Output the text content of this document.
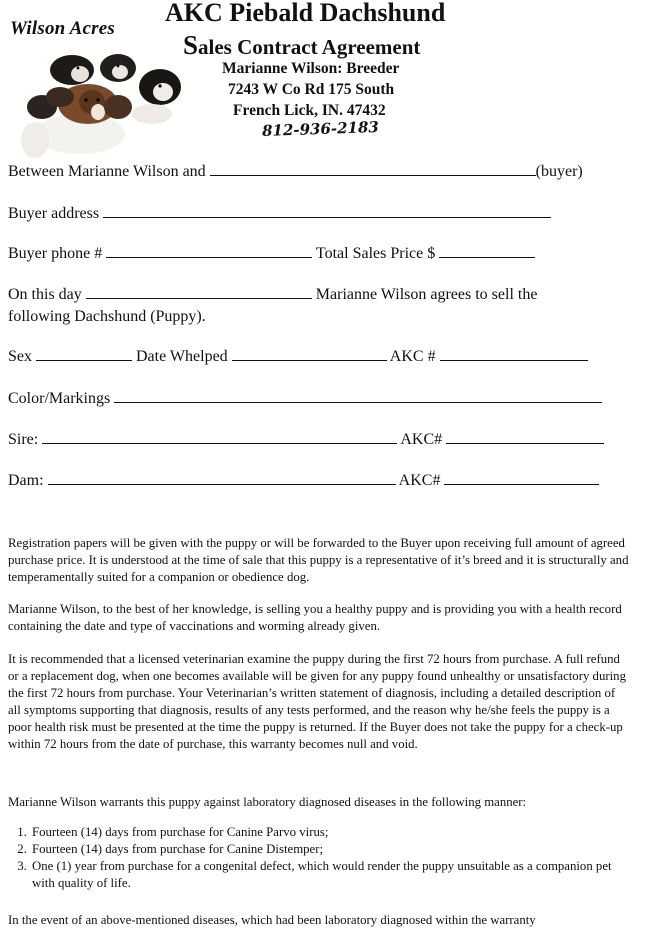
Wilson Acres
AKC Piebald Dachshund
Sales Contract Agreement
Marianne Wilson: Breeder
7243 W Co Rd 175 South
French Lick, IN. 47432
812-936-2183
Between Marianne Wilson and	(buyer)
Buyer address
Buyer phone #	Total Sales Price $
On this day	Marianne Wilson agrees to sell the
following Dachshund (Puppy).
Sex	Date Whelped	AKC #
Color/Markings
Sire:	AKC#
Dam:	AKC#

Registration papers will be given with the puppy or will be forwarded to the Buyer upon receiving full amount of agreed purchase price. It is understood at the time of sale that this puppy is a representative of it’s breed and it is structurally and temperamentally suited for a companion or obedience dog.

Marianne Wilson, to the best of her knowledge, is selling you a healthy puppy and is providing you with a health record containing the date and type of vaccinations and worming already given.

It is recommended that a licensed veterinarian examine the puppy during the first 72 hours from purchase. A full refund or a replacement dog, when one becomes available will be given for any puppy found unhealthy or unsatisfactory during the first 72 hours from purchase. Your Veterinarian’s written statement of diagnosis, including a detailed description of all symptoms supporting that diagnosis, results of any tests performed, and the reason why he/she feels the puppy is a poor health risk must be presented at the time the puppy is returned. If the Buyer does not take the puppy for a check-up within 72 hours from the date of purchase, this warranty becomes null and void.

Marianne Wilson warrants this puppy against laboratory diagnosed diseases in the following manner:

1. Fourteen (14) days from purchase for Canine Parvo virus;
2. Fourteen (14) days from purchase for Canine Distemper;
3. One (1) year from purchase for a congenital defect, which would render the puppy unsuitable as a companion pet with quality of life.

In the event of an above-mentioned diseases, which had been laboratory diagnosed within the warranty
